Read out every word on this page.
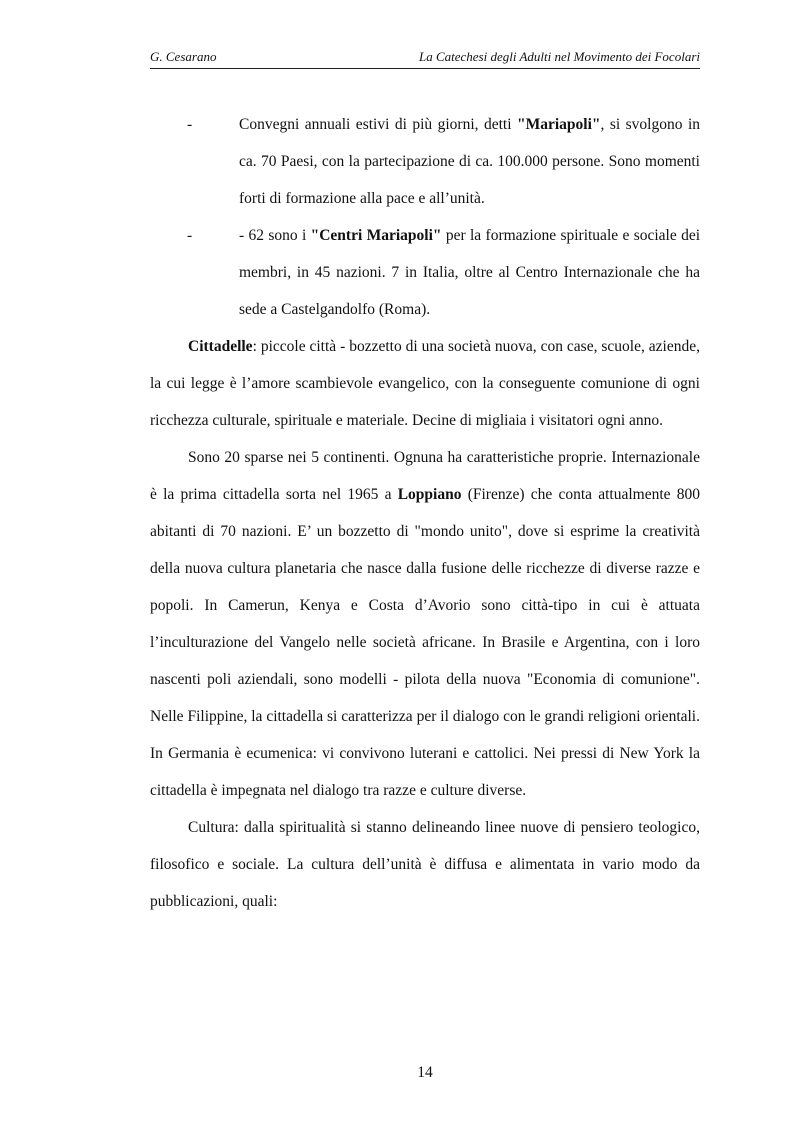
G. Cesarano	La Catechesi degli Adulti nel Movimento dei Focolari
-	Convegni annuali estivi di più giorni, detti "Mariapoli", si svolgono in ca. 70 Paesi, con la partecipazione di ca. 100.000 persone. Sono momenti forti di formazione alla pace e all’unità.

-	- 62 sono i "Centri Mariapoli" per la formazione spirituale e sociale dei membri, in 45 nazioni. 7 in Italia, oltre al Centro Internazionale che ha sede a Castelgandolfo (Roma).

Cittadelle: piccole città - bozzetto di una società nuova, con case, scuole, aziende, la cui legge è l’amore scambievole evangelico, con la conseguente comunione di ogni ricchezza culturale, spirituale e materiale. Decine di migliaia i visitatori ogni anno.

Sono 20 sparse nei 5 continenti. Ognuna ha caratteristiche proprie. Internazionale è la prima cittadella sorta nel 1965 a Loppiano (Firenze) che conta attualmente 800 abitanti di 70 nazioni. E’ un bozzetto di "mondo unito", dove si esprime la creatività della nuova cultura planetaria che nasce dalla fusione delle ricchezze di diverse razze e popoli. In Camerun, Kenya e Costa d’Avorio sono città-tipo in cui è attuata l’inculturazione del Vangelo nelle società africane. In Brasile e Argentina, con i loro nascenti poli aziendali, sono modelli - pilota della nuova "Economia di comunione". Nelle Filippine, la cittadella si caratterizza per il dialogo con le grandi religioni orientali. In Germania è ecumenica: vi convivono luterani e cattolici. Nei pressi di New York la cittadella è impegnata nel dialogo tra razze e culture diverse.

Cultura: dalla spiritualità si stanno delineando linee nuove di pensiero teologico, filosofico e sociale. La cultura dell’unità è diffusa e alimentata in vario modo da pubblicazioni, quali:

14
